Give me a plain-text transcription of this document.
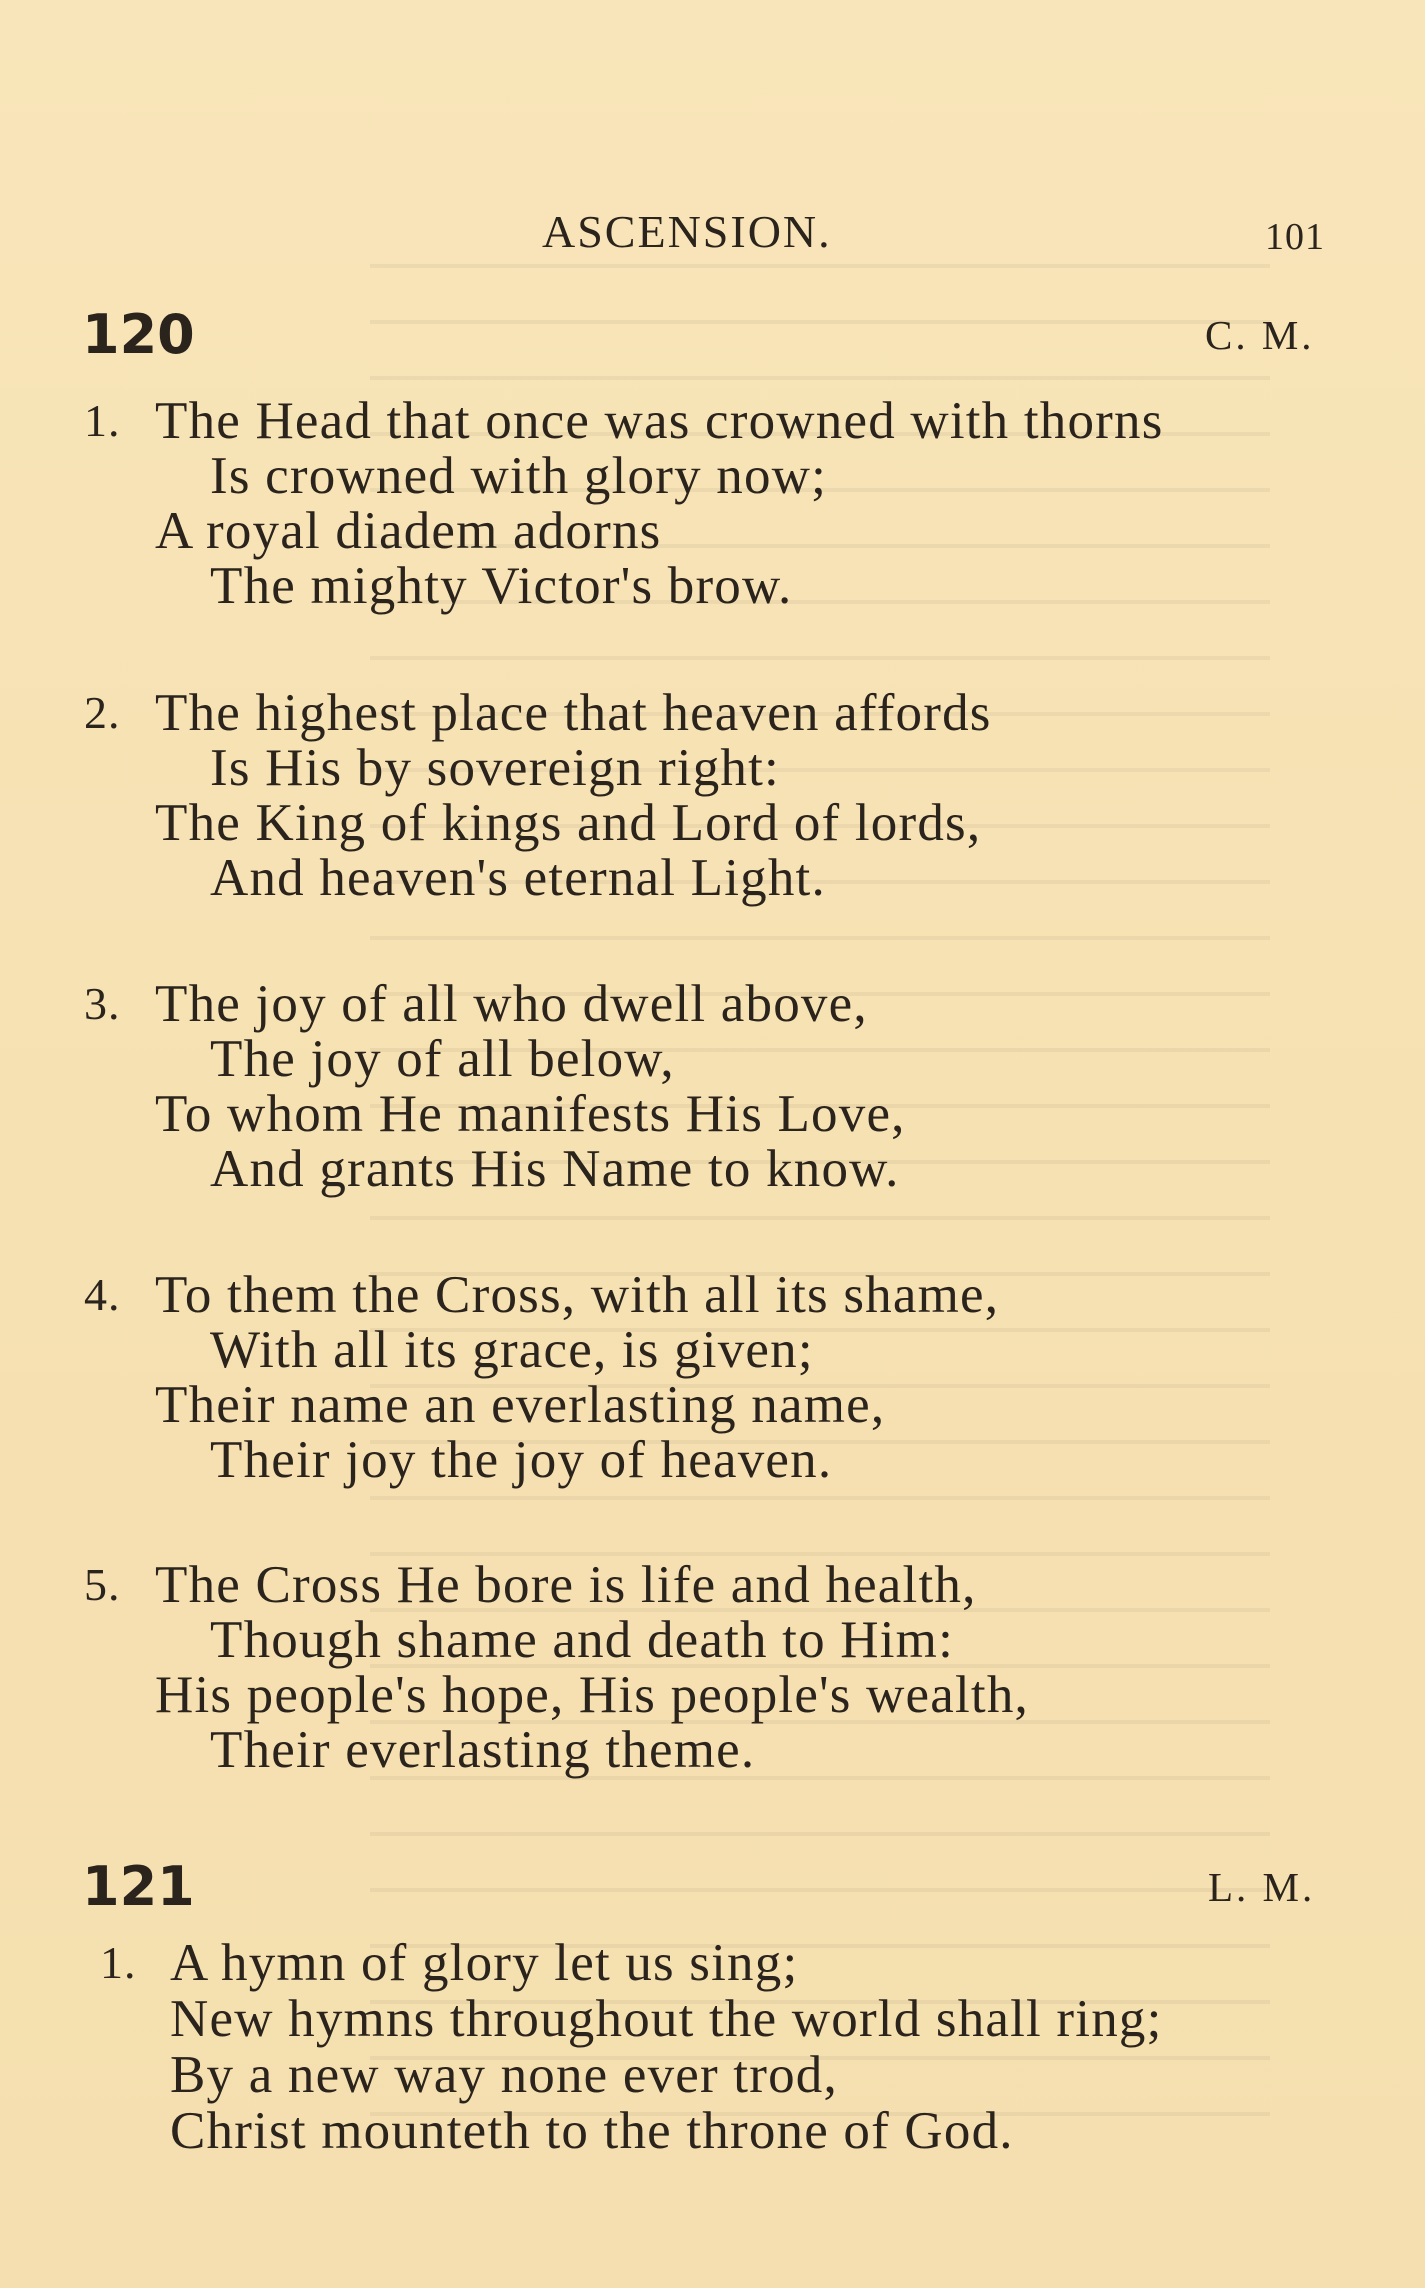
ASCENSION.	101
120	C. M.
1. The Head that once was crowned with thorns
Is crowned with glory now;
A royal diadem adorns
The mighty Victor's brow.
2. The highest place that heaven affords
Is His by sovereign right:
The King of kings and Lord of lords,
And heaven's eternal Light.
3. The joy of all who dwell above,
The joy of all below,
To whom He manifests His Love,
And grants His Name to know.
4. To them the Cross, with all its shame,
With all its grace, is given;
Their name an everlasting name,
Their joy the joy of heaven.
5. The Cross He bore is life and health,
Though shame and death to Him:
His people's hope, His people's wealth,
Their everlasting theme.
121	L. M.
1. A hymn of glory let us sing;
New hymns throughout the world shall ring;
By a new way none ever trod,
Christ mounteth to the throne of God.
